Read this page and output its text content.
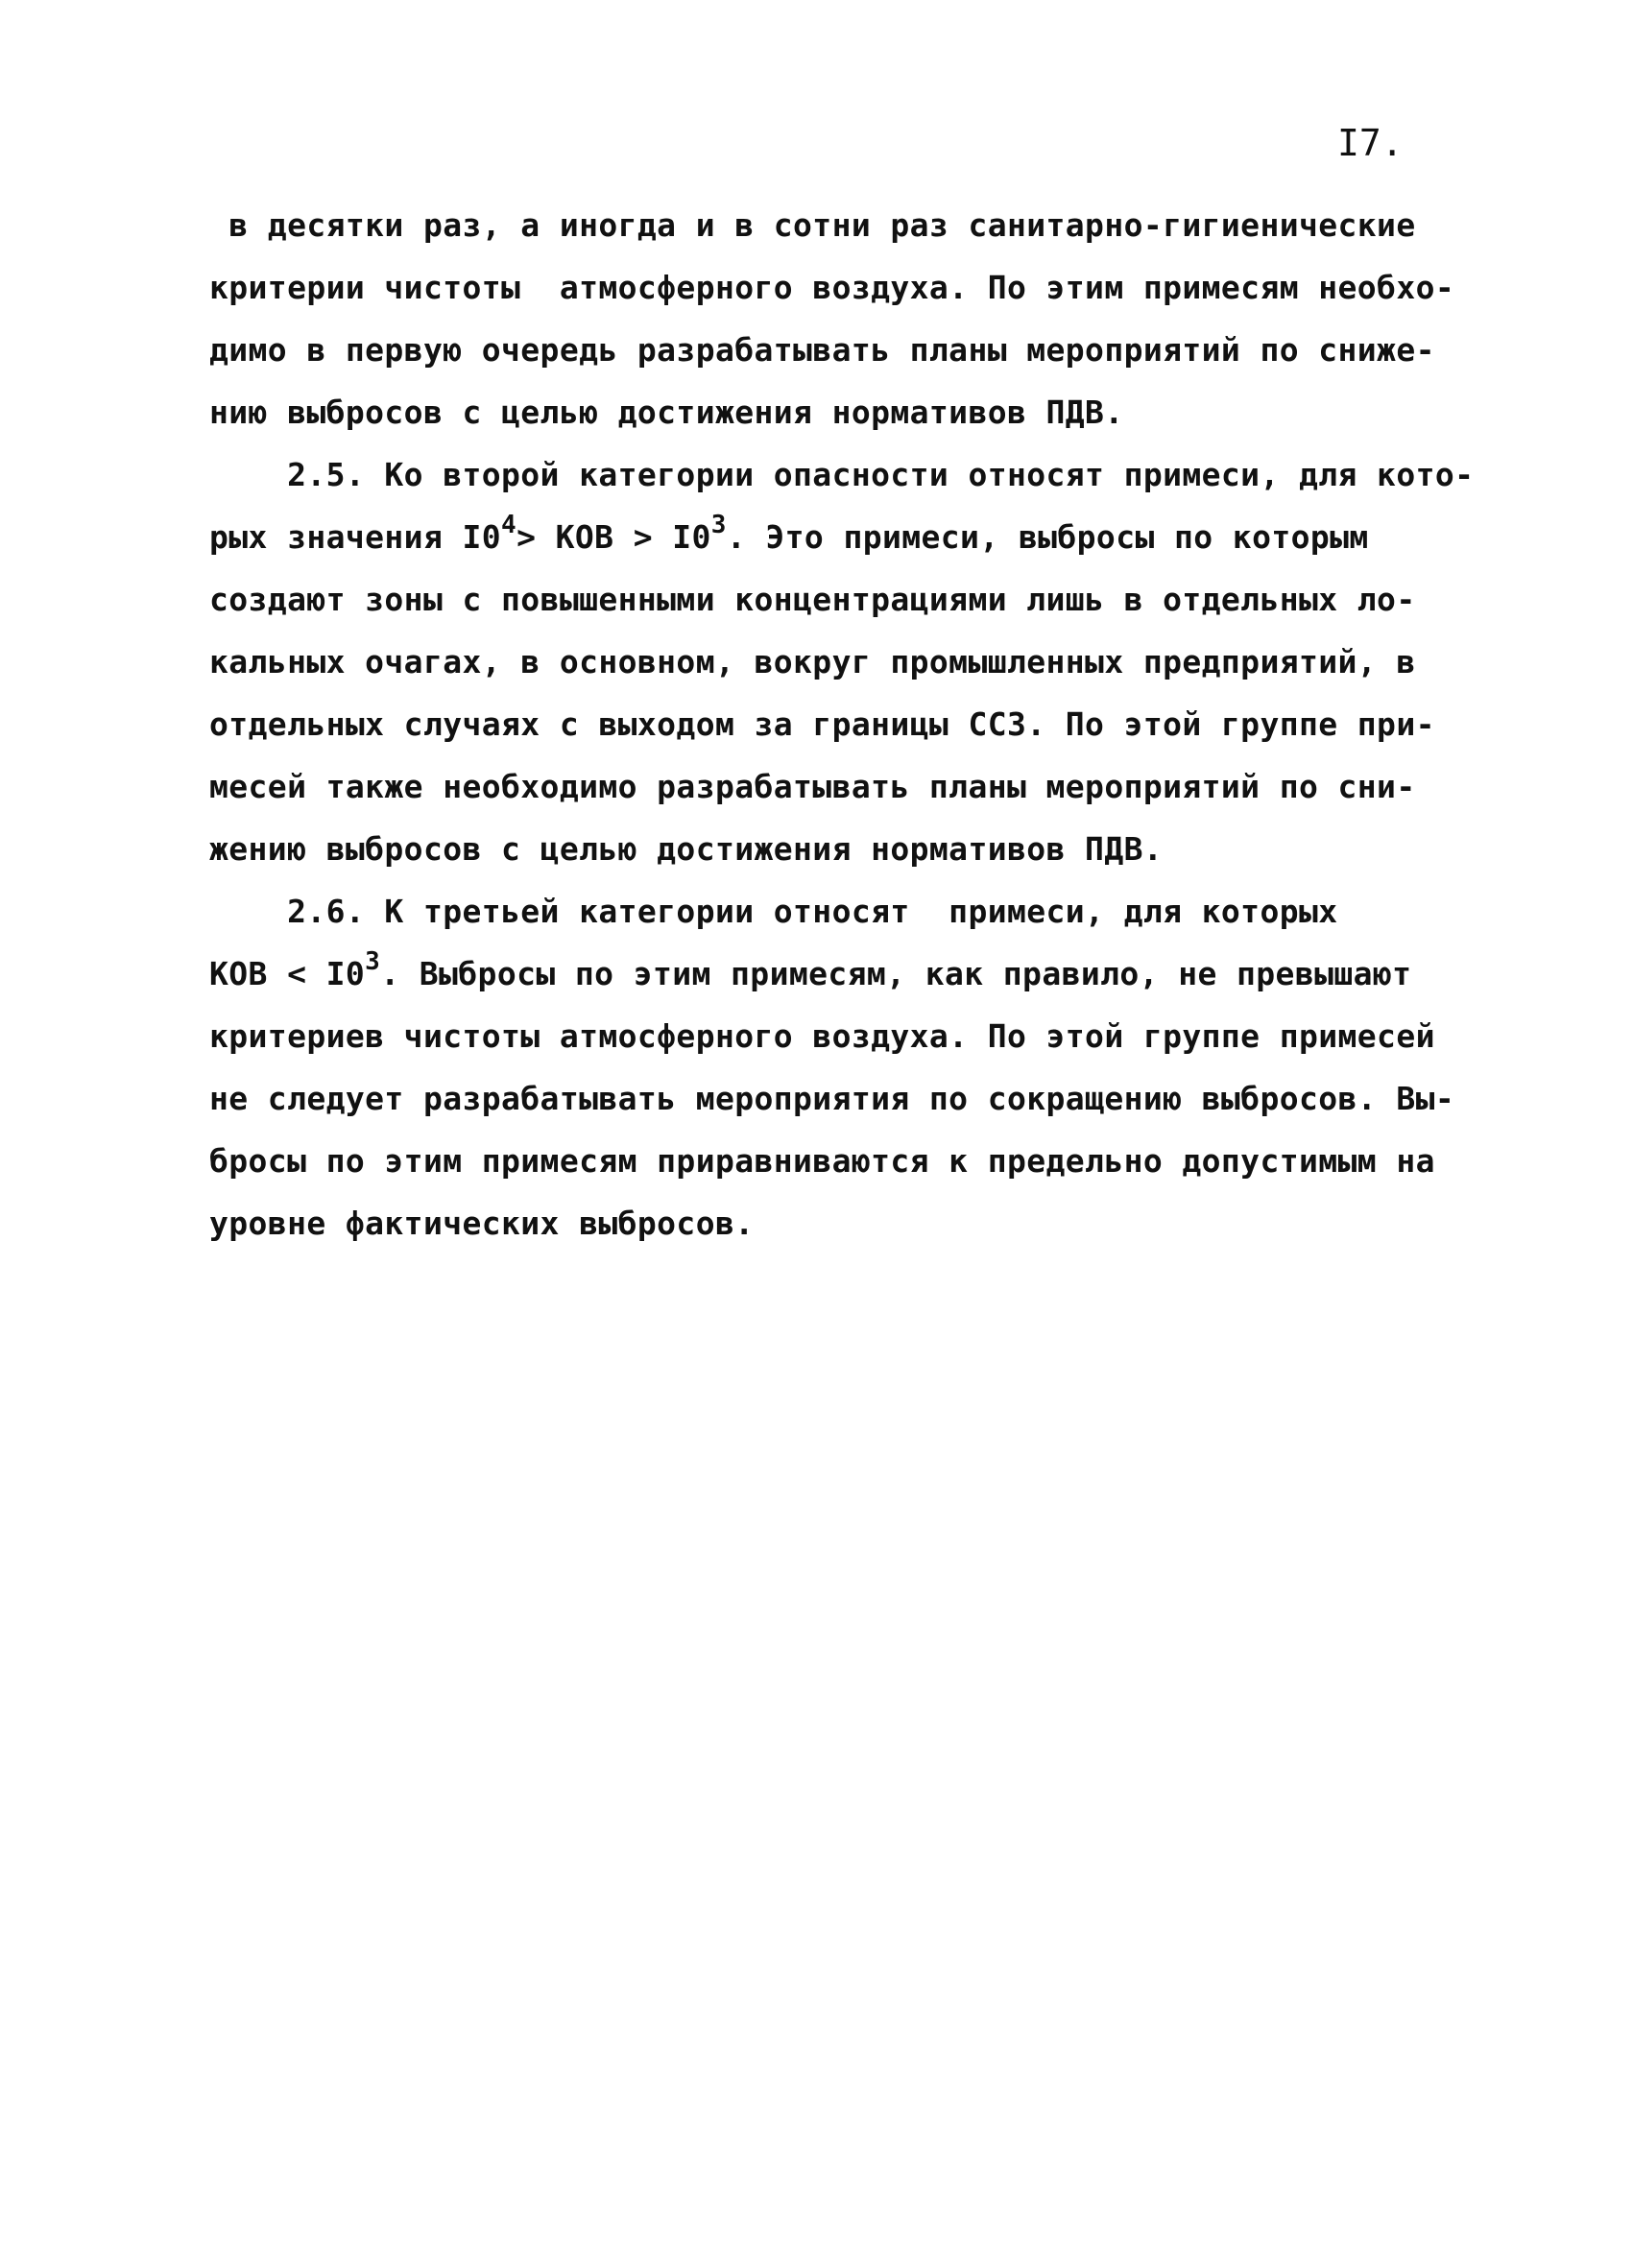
I7.
в десятки раз, а иногда и в сотни раз санитарно-гигиенические
критерии чистоты  атмосферного воздуха. По этим примесям необхо-
димо в первую очередь разрабатывать планы мероприятий по сниже-
нию выбросов с целью достижения нормативов ПДВ.
2.5. Ко второй категории опасности относят примеси, для кото-
рых значения $I0^4>$ КОВ > $I0^3$. Это примеси, выбросы по которым
создают зоны с повышенными концентрациями лишь в отдельных ло-
кальных очагах, в основном, вокруг промышленных предприятий, в
отдельных случаях с выходом за границы ССЗ. По этой группе при-
месей также необходимо разрабатывать планы мероприятий по сни-
жению выбросов с целью достижения нормативов ПДВ.
2.6. К третьей категории относят  примеси, для которых
КОВ < $I0^3$. Выбросы по этим примесям, как правило, не превышают
критериев чистоты атмосферного воздуха. По этой группе примесей
не следует разрабатывать мероприятия по сокращению выбросов. Вы-
бросы по этим примесям приравниваются к предельно допустимым на
уровне фактических выбросов.
